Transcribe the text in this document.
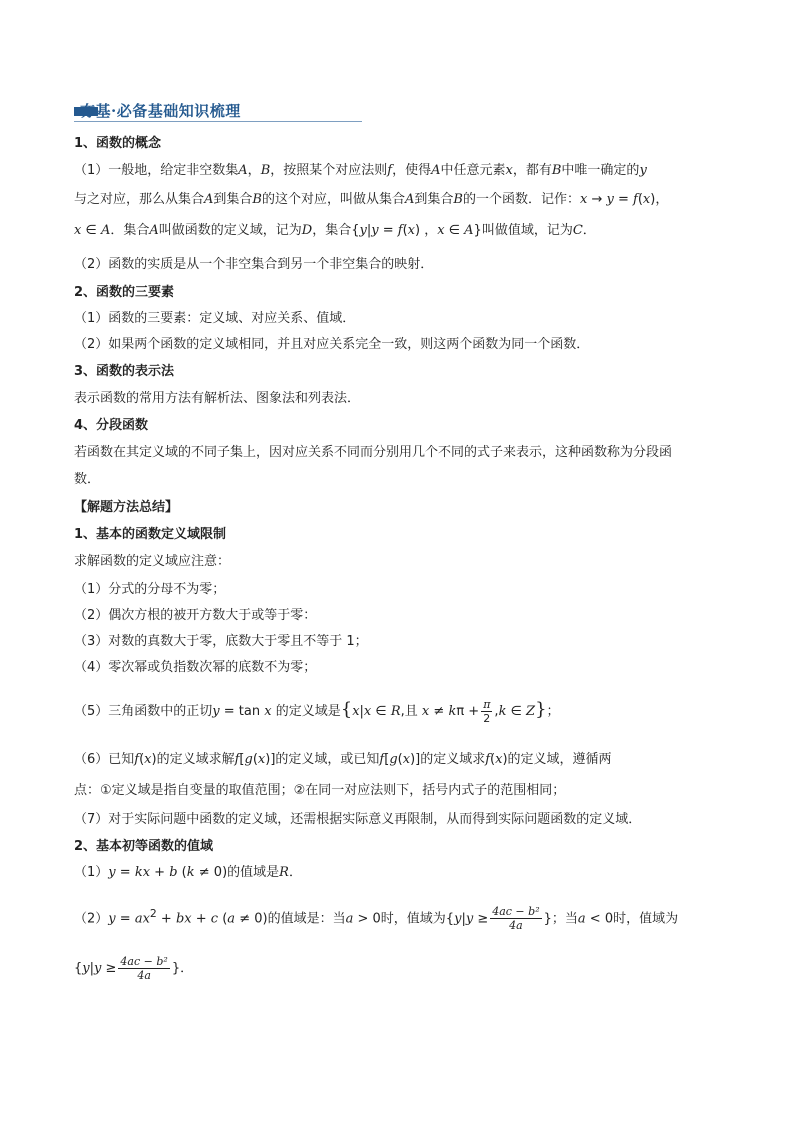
夯基·必备基础知识梳理
1、函数的概念
（1）一般地，给定非空数集A，B，按照某个对应法则f，使得A中任意元素x，都有B中唯一确定的y
与之对应，那么从集合A到集合B的这个对应，叫做从集合A到集合B的一个函数．记作：x → y = f(x)，
x ∈ A．集合A叫做函数的定义域，记为D，集合{y|y = f(x) ，x ∈ A}叫做值域，记为C．
（2）函数的实质是从一个非空集合到另一个非空集合的映射．
2、函数的三要素
（1）函数的三要素：定义域、对应关系、值域．
（2）如果两个函数的定义域相同，并且对应关系完全一致，则这两个函数为同一个函数．
3、函数的表示法
表示函数的常用方法有解析法、图象法和列表法．
4、分段函数
若函数在其定义域的不同子集上，因对应关系不同而分别用几个不同的式子来表示，这种函数称为分段函
数．
【解题方法总结】
1、基本的函数定义域限制
求解函数的定义域应注意：
（1）分式的分母不为零；
（2）偶次方根的被开方数大于或等于零：
（3）对数的真数大于零，底数大于零且不等于 1；
（4）零次幂或负指数次幂的底数不为零；
（5）三角函数中的正切y = tan x 的定义域是{x|x ∈ R,且 $x \ne k\pi + \frac{\pi}{2} ,k$ ∈ Z}；
（6）已知f(x)的定义域求解f[g(x)]的定义域，或已知f[g(x)]的定义域求f(x)的定义域，遵循两
点：①定义域是指自变量的取值范围；②在同一对应法则下，括号内式子的范围相同；
（7）对于实际问题中函数的定义域，还需根据实际意义再限制，从而得到实际问题函数的定义域．
2、基本初等函数的值域
（1）y = kx + b (k ≠ 0)的值域是R．
$(2)y = ax^2$ + bx + c (a ≠ 0)的值域是：当a > 0时，值域为{$y|y \ge \frac{\text{4ac − b²}}{4a}$ }；当a < 0时，值域为
{$y|y \ge \frac{\text{4ac − b²}}{4a}$ }．
